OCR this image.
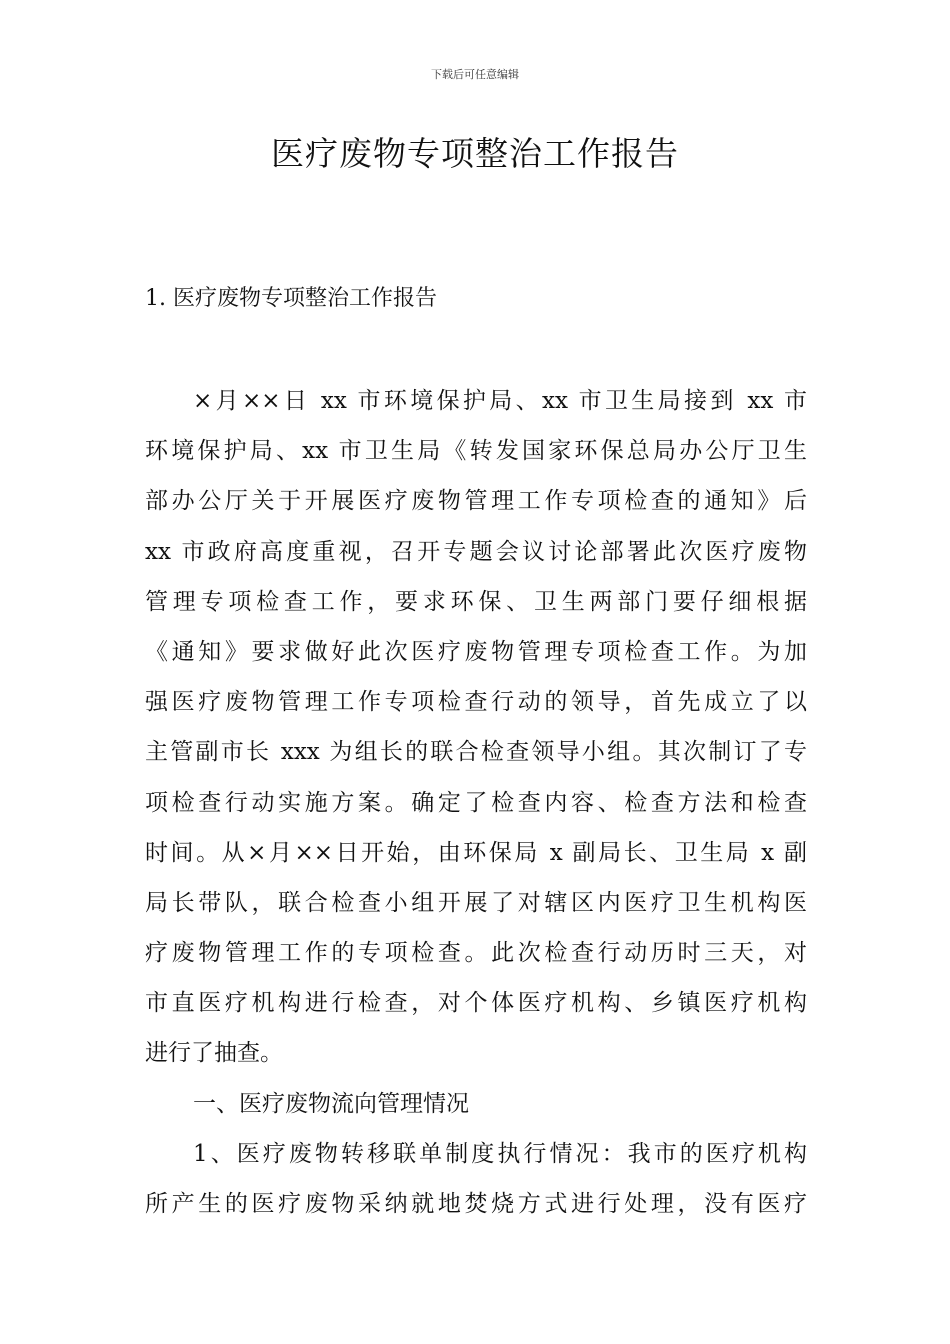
下载后可任意编辑
医疗废物专项整治工作报告
1. 医疗废物专项整治工作报告
×月××日 xx 市环境保护局、xx 市卫生局接到 xx 市
环境保护局、xx 市卫生局《转发国家环保总局办公厅卫生
部办公厅关于开展医疗废物管理工作专项检查的通知》后
xx 市政府高度重视，召开专题会议讨论部署此次医疗废物
管理专项检查工作，要求环保、卫生两部门要仔细根据
《通知》要求做好此次医疗废物管理专项检查工作。为加
强医疗废物管理工作专项检查行动的领导，首先成立了以
主管副市长 xxx 为组长的联合检查领导小组。其次制订了专
项检查行动实施方案。确定了检查内容、检查方法和检查
时间。从×月××日开始，由环保局 x 副局长、卫生局 x 副
局长带队，联合检查小组开展了对辖区内医疗卫生机构医
疗废物管理工作的专项检查。此次检查行动历时三天，对
市直医疗机构进行检查，对个体医疗机构、乡镇医疗机构
进行了抽查。
一、医疗废物流向管理情况
1、医疗废物转移联单制度执行情况：我市的医疗机构
所产生的医疗废物采纳就地焚烧方式进行处理，没有医疗
